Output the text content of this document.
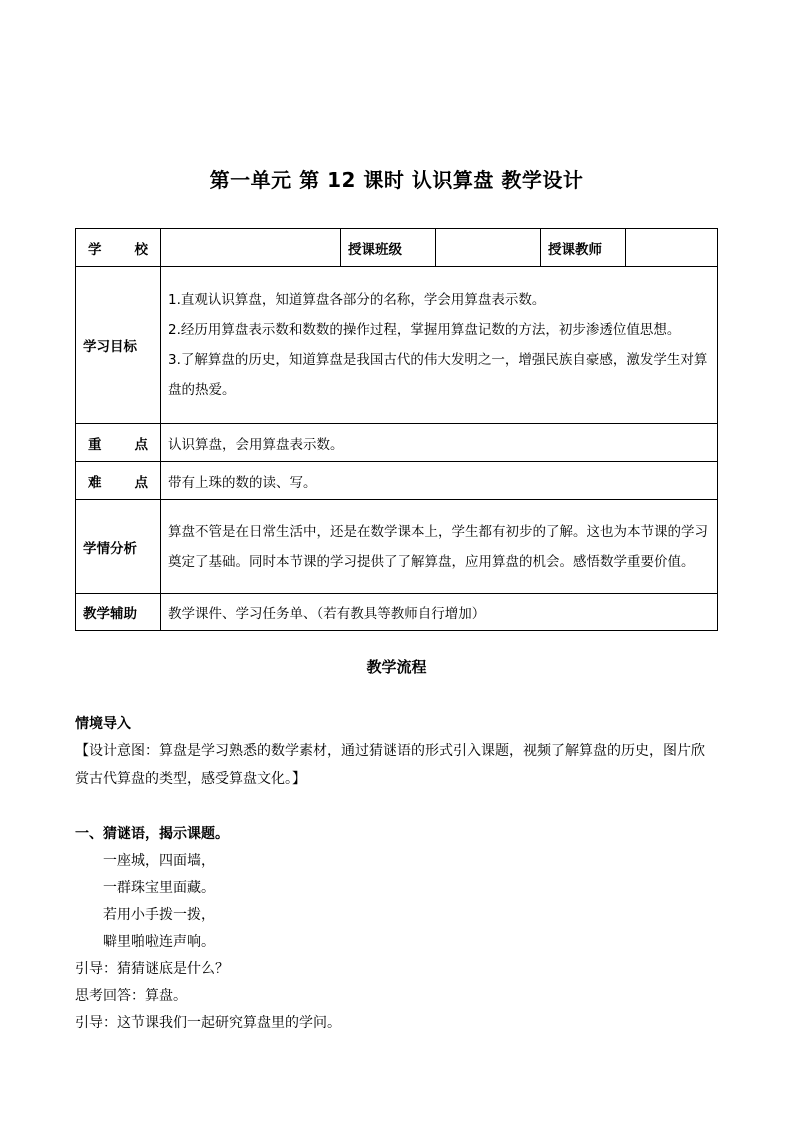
第一单元 第 12 课时 认识算盘 教学设计
学 校		授课班级		授课教师	
学习目标	1.直观认识算盘，知道算盘各部分的名称，学会用算盘表示数。

2.经历用算盘表示数和数数的操作过程，掌握用算盘记数的方法，初步渗透位值思想。

3.了解算盘的历史，知道算盘是我国古代的伟大发明之一，增强民族自豪感，激发学生对算盘的热爱。				

重 点	认识算盘，会用算盘表示数。				
难 点	带有上珠的数的读、写。				
学情分析	算盘不管是在日常生活中，还是在数学课本上，学生都有初步的了解。这也为本节课的学习奠定了基础。同时本节课的学习提供了了解算盘，应用算盘的机会。感悟数学重要价值。				
教学辅助	教学课件、学习任务单、（若有教具等教师自行增加）				
教学流程
情境导入
【设计意图：算盘是学习熟悉的数学素材，通过猜谜语的形式引入课题，视频了解算盘的历史，图片欣赏古代算盘的类型，感受算盘文化。】
一、猜谜语，揭示课题。
一座城，四面墙，
一群珠宝里面藏。
若用小手拨一拨，
噼里啪啦连声响。
引导：猜猜谜底是什么？
思考回答：算盘。
引导：这节课我们一起研究算盘里的学问。
